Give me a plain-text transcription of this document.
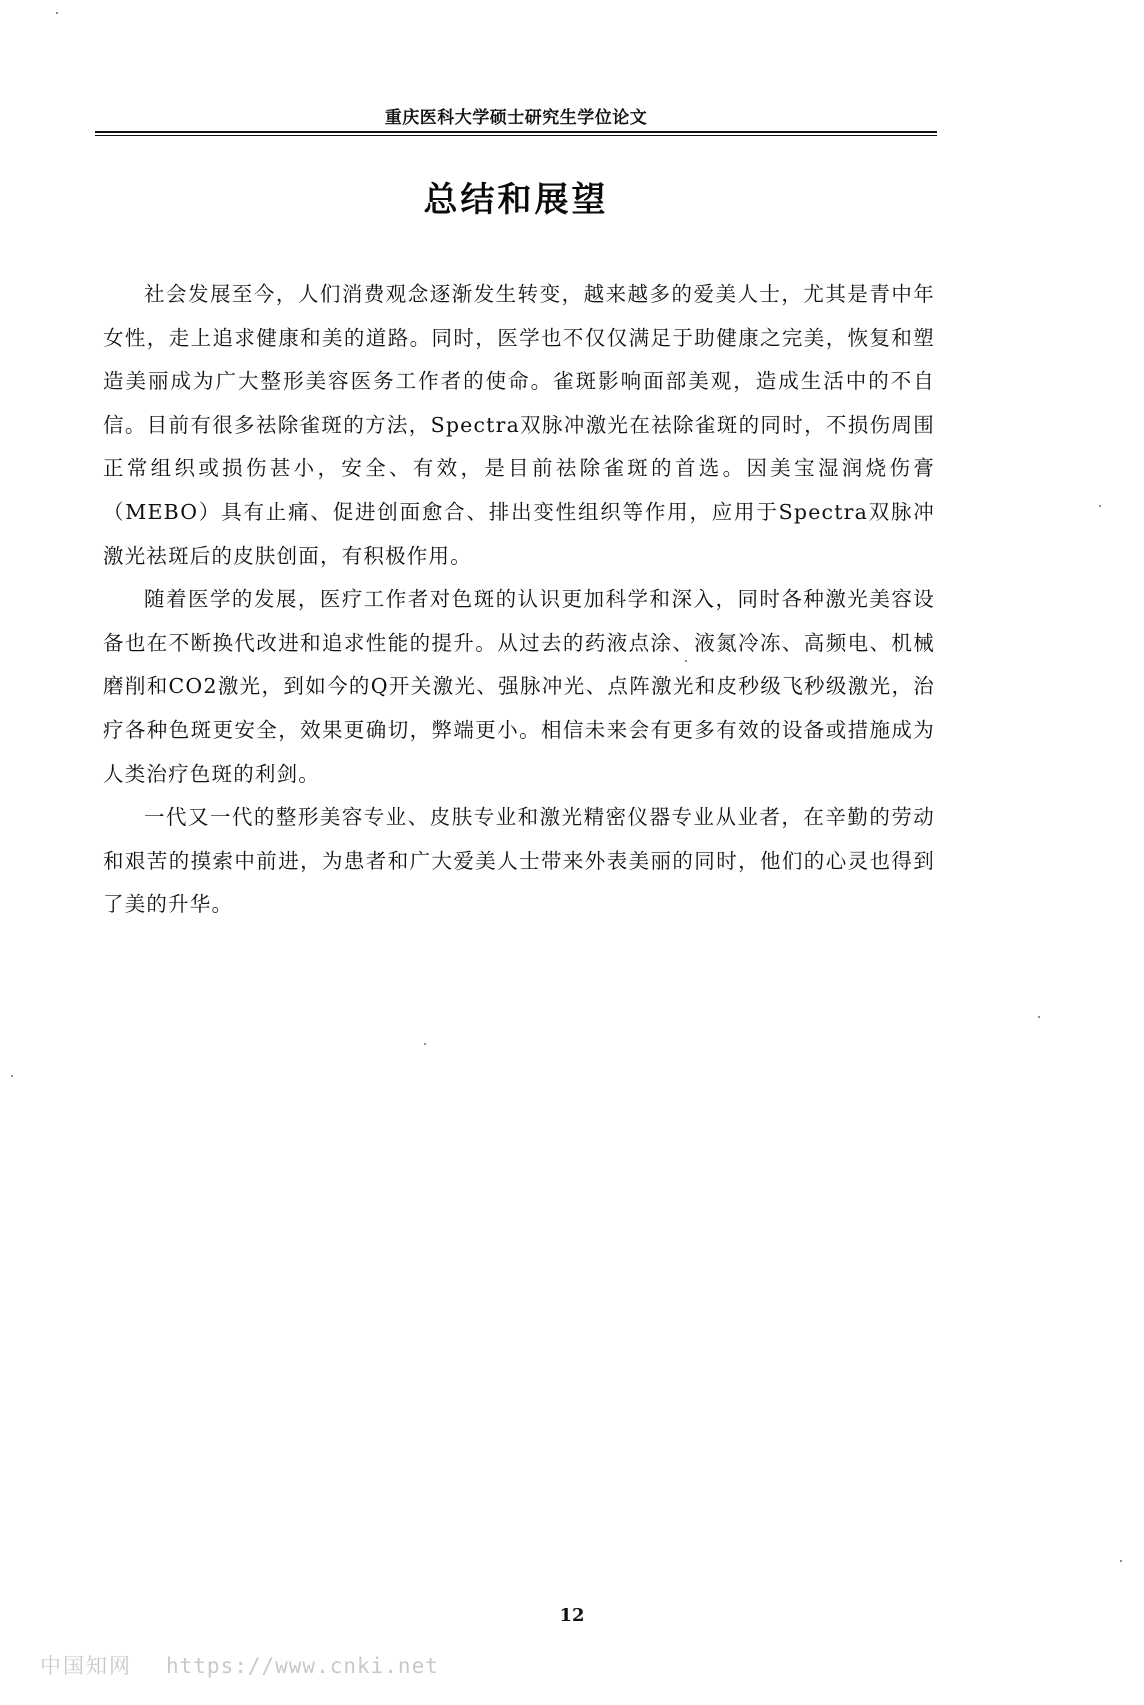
重庆医科大学硕士研究生学位论文
总结和展望

社会发展至今，人们消费观念逐渐发生转变，越来越多的爱美人士，尤其是青中年女性，走上追求健康和美的道路。同时，医学也不仅仅满足于助健康之完美，恢复和塑造美丽成为广大整形美容医务工作者的使命。雀斑影响面部美观，造成生活中的不自信。目前有很多祛除雀斑的方法，Spectra双脉冲激光在祛除雀斑的同时，不损伤周围正常组织或损伤甚小，安全、有效，是目前祛除雀斑的首选。因美宝湿润烧伤膏（MEBO）具有止痛、促进创面愈合、排出变性组织等作用，应用于Spectra双脉冲激光祛斑后的皮肤创面，有积极作用。

随着医学的发展，医疗工作者对色斑的认识更加科学和深入，同时各种激光美容设备也在不断换代改进和追求性能的提升。从过去的药液点涂、液氮冷冻、高频电、机械磨削和CO2激光，到如今的Q开关激光、强脉冲光、点阵激光和皮秒级飞秒级激光，治疗各种色斑更安全，效果更确切，弊端更小。相信未来会有更多有效的设备或措施成为人类治疗色斑的利剑。

一代又一代的整形美容专业、皮肤专业和激光精密仪器专业从业者，在辛勤的劳动和艰苦的摸索中前进，为患者和广大爱美人士带来外表美丽的同时，他们的心灵也得到了美的升华。

12
中国知网 https://www.cnki.net
